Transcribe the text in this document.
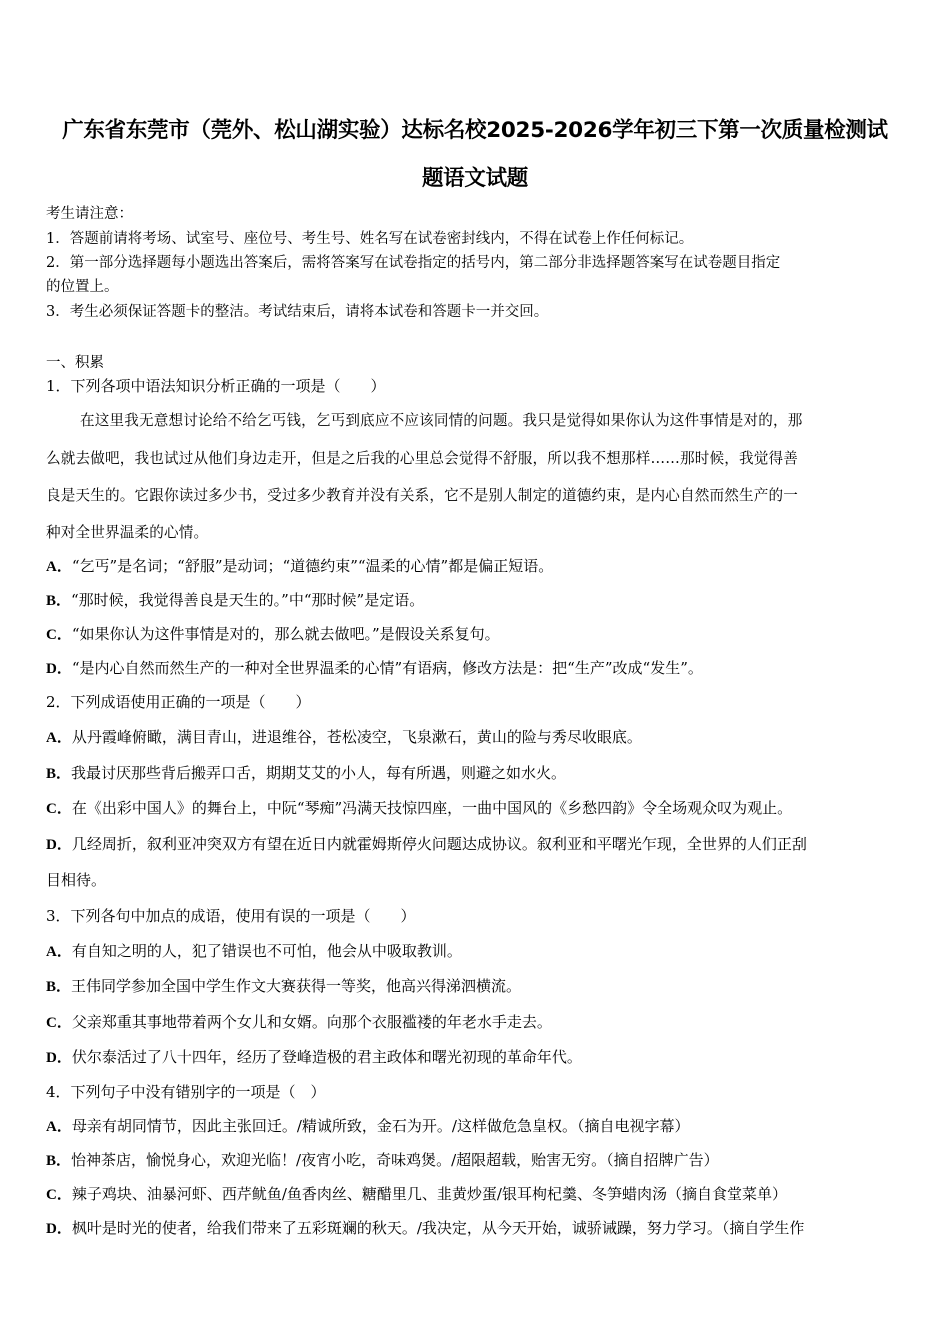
广东省东莞市（莞外、松山湖实验）达标名校2025-2026学年初三下第一次质量检测试
题语文试题
考生请注意：
1．答题前请将考场、试室号、座位号、考生号、姓名写在试卷密封线内，不得在试卷上作任何标记。
2．第一部分选择题每小题选出答案后，需将答案写在试卷指定的括号内，第二部分非选择题答案写在试卷题目指定
的位置上。
3．考生必须保证答题卡的整洁。考试结束后，请将本试卷和答题卡一并交回。
一、积累
1．下列各项中语法知识分析正确的一项是（　　）
在这里我无意想讨论给不给乞丐钱，乞丐到底应不应该同情的问题。我只是觉得如果你认为这件事情是对的，那
么就去做吧，我也试过从他们身边走开，但是之后我的心里总会觉得不舒服，所以我不想那样……那时候，我觉得善
良是天生的。它跟你读过多少书，受过多少教育并没有关系，它不是别人制定的道德约束，是内心自然而然生产的一
种对全世界温柔的心情。
A．“乞丐”是名词；“舒服”是动词；“道德约束”“温柔的心情”都是偏正短语。
B．“那时候，我觉得善良是天生的。”中“那时候”是定语。
C．“如果你认为这件事情是对的，那么就去做吧。”是假设关系复句。
D．“是内心自然而然生产的一种对全世界温柔的心情”有语病，修改方法是：把“生产”改成“发生”。
2．下列成语使用正确的一项是（　　）
A．从丹霞峰俯瞰，满目青山，进退维谷，苍松凌空，飞泉漱石，黄山的险与秀尽收眼底。
B．我最讨厌那些背后搬弄口舌，期期艾艾的小人，每有所遇，则避之如水火。
C．在《出彩中国人》的舞台上，中阮“琴痴”冯满天技惊四座，一曲中国风的《乡愁四韵》令全场观众叹为观止。
D．几经周折，叙利亚冲突双方有望在近日内就霍姆斯停火问题达成协议。叙利亚和平曙光乍现，全世界的人们正刮
目相待。
3．下列各句中加点的成语，使用有误的一项是（　　）
A．有自知之明的人，犯了错误也不可怕，他会从中吸取教训。
B．王伟同学参加全国中学生作文大赛获得一等奖，他高兴得涕泗横流。
C．父亲郑重其事地带着两个女儿和女婿。向那个衣服褴褛的年老水手走去。
D．伏尔泰活过了八十四年，经历了登峰造极的君主政体和曙光初现的革命年代。
4．下列句子中没有错别字的一项是（　）
A．母亲有胡同情节，因此主张回迁。/精诚所致，金石为开。/这样做危急皇权。（摘自电视字幕）
B．怡神茶店，愉悦身心，欢迎光临！/夜宵小吃，奇味鸡煲。/超限超载，贻害无穷。（摘自招牌广告）
C．辣子鸡块、油暴河虾、西芹鱿鱼/鱼香肉丝、糖醋里几、韭黄炒蛋/银耳枸杞羹、冬笋蜡肉汤（摘自食堂菜单）
D．枫叶是时光的使者，给我们带来了五彩斑斓的秋天。/我决定，从今天开始，诚骄诫躁，努力学习。（摘自学生作
